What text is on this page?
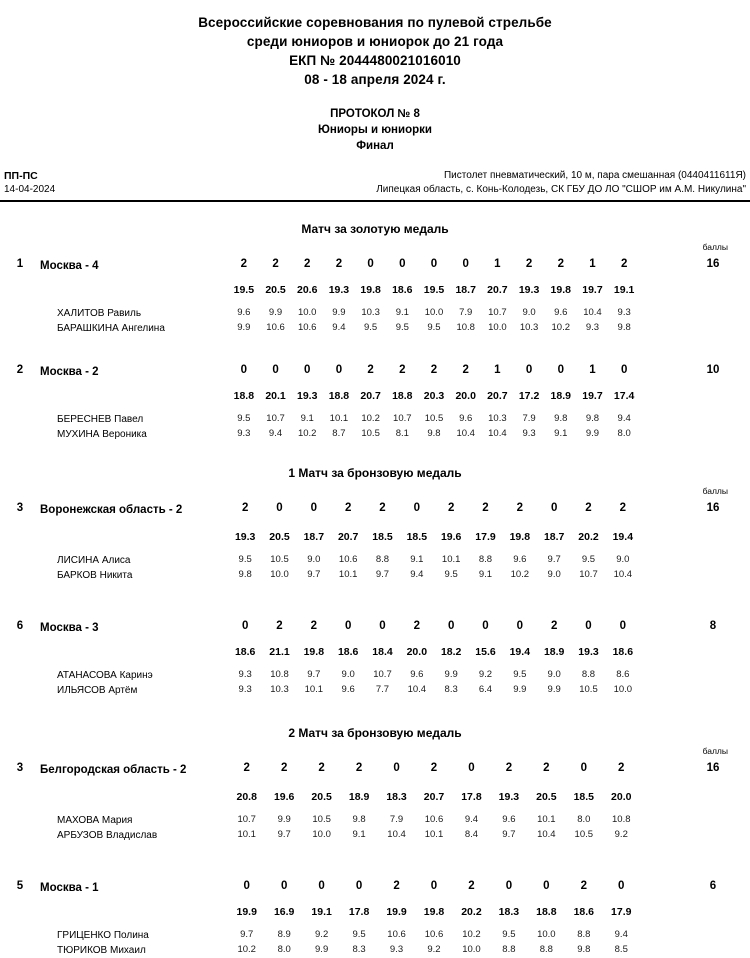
Всероссийские соревнования по пулевой стрельбе
среди юниоров и юниорок до 21 года
ЕКП № 2044480021016010
08 - 18 апреля 2024 г.
ПРОТОКОЛ № 8
Юниоры и юниорки
Финал
ПП-ПС
14-04-2024
Пистолет пневматический, 10 м, пара смешанная (0440411611Я)
Липецкая область, с. Конь-Колодезь, СК ГБУ ДО ЛО "СШОР им А.М. Никулина"
Матч за золотую медаль
баллы
1	Москва - 4	16
2	2	2	2	0	0	0	0	1	2	2	1	2
19.5	20.5	20.6	19.3	19.8	18.6	19.5	18.7	20.7	19.3	19.8	19.7	19.1
ХАЛИТОВ Равиль	9.6	9.9	10.0	9.9	10.3	9.1	10.0	7.9	10.7	9.0	9.6	10.4	9.3
БАРАШКИНА Ангелина	9.9	10.6	10.6	9.4	9.5	9.5	9.5	10.8	10.0	10.3	10.2	9.3	9.8
2	Москва - 2	10
0	0	0	0	2	2	2	2	1	0	0	1	0
18.8	20.1	19.3	18.8	20.7	18.8	20.3	20.0	20.7	17.2	18.9	19.7	17.4
БЕРЕСНЕВ Павел	9.5	10.7	9.1	10.1	10.2	10.7	10.5	9.6	10.3	7.9	9.8	9.8	9.4
МУХИНА Вероника	9.3	9.4	10.2	8.7	10.5	8.1	9.8	10.4	10.4	9.3	9.1	9.9	8.0
1 Матч за бронзовую медаль
баллы
3	Воронежская область - 2	16
2	0	0	2	2	0	2	2	2	0	2	2
19.3	20.5	18.7	20.7	18.5	18.5	19.6	17.9	19.8	18.7	20.2	19.4
ЛИСИНА Алиса	9.5	10.5	9.0	10.6	8.8	9.1	10.1	8.8	9.6	9.7	9.5	9.0
БАРКОВ Никита	9.8	10.0	9.7	10.1	9.7	9.4	9.5	9.1	10.2	9.0	10.7	10.4
6	Москва - 3	8
0	2	2	0	0	2	0	0	0	2	0	0
18.6	21.1	19.8	18.6	18.4	20.0	18.2	15.6	19.4	18.9	19.3	18.6
АТАНАСОВА Каринэ	9.3	10.8	9.7	9.0	10.7	9.6	9.9	9.2	9.5	9.0	8.8	8.6
ИЛЬЯСОВ Артём	9.3	10.3	10.1	9.6	7.7	10.4	8.3	6.4	9.9	9.9	10.5	10.0
2 Матч за бронзовую медаль
баллы
3	Белгородская область - 2	16
2	2	2	2	0	2	0	2	2	0	2
20.8	19.6	20.5	18.9	18.3	20.7	17.8	19.3	20.5	18.5	20.0
МАХОВА Мария	10.7	9.9	10.5	9.8	7.9	10.6	9.4	9.6	10.1	8.0	10.8
АРБУЗОВ Владислав	10.1	9.7	10.0	9.1	10.4	10.1	8.4	9.7	10.4	10.5	9.2
5	Москва - 1	6
0	0	0	0	2	0	2	0	0	2	0
19.9	16.9	19.1	17.8	19.9	19.8	20.2	18.3	18.8	18.6	17.9
ГРИЦЕНКО Полина	9.7	8.9	9.2	9.5	10.6	10.6	10.2	9.5	10.0	8.8	9.4
ТЮРИКОВ Михаил	10.2	8.0	9.9	8.3	9.3	9.2	10.0	8.8	8.8	9.8	8.5
